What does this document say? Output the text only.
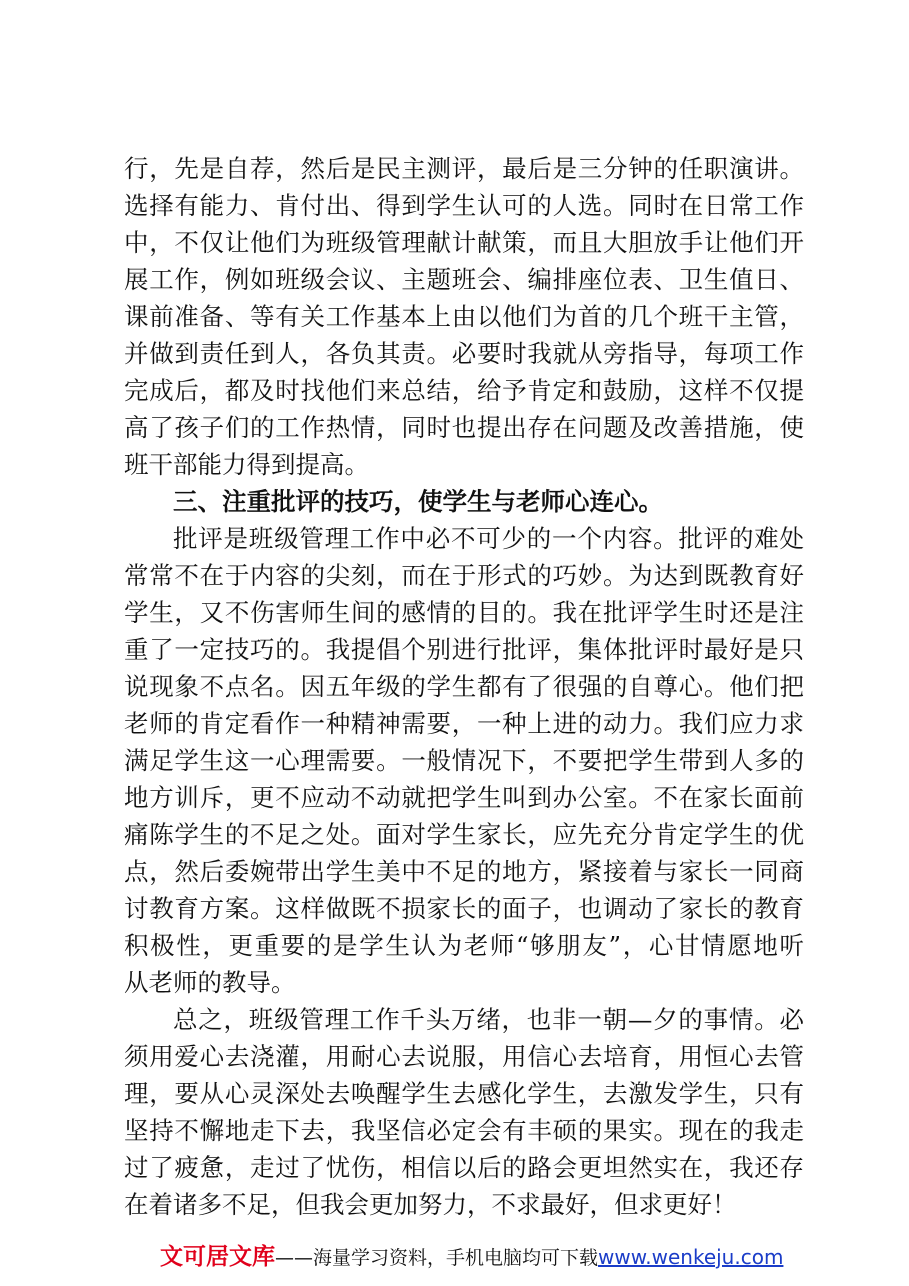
行，先是自荐，然后是民主测评，最后是三分钟的任职演讲。
选择有能力、肯付出、得到学生认可的人选。同时在日常工作
中，不仅让他们为班级管理献计献策，而且大胆放手让他们开
展工作，例如班级会议、主题班会、编排座位表、卫生值日、
课前准备、等有关工作基本上由以他们为首的几个班干主管，
并做到责任到人，各负其责。必要时我就从旁指导，每项工作
完成后，都及时找他们来总结，给予肯定和鼓励，这样不仅提
高了孩子们的工作热情，同时也提出存在问题及改善措施，使
班干部能力得到提高。
三、注重批评的技巧，使学生与老师心连心。
批评是班级管理工作中必不可少的一个内容。批评的难处
常常不在于内容的尖刻，而在于形式的巧妙。为达到既教育好
学生，又不伤害师生间的感情的目的。我在批评学生时还是注
重了一定技巧的。我提倡个别进行批评，集体批评时最好是只
说现象不点名。因五年级的学生都有了很强的自尊心。他们把
老师的肯定看作一种精神需要，一种上进的动力。我们应力求
满足学生这一心理需要。一般情况下，不要把学生带到人多的
地方训斥，更不应动不动就把学生叫到办公室。不在家长面前
痛陈学生的不足之处。面对学生家长，应先充分肯定学生的优
点，然后委婉带出学生美中不足的地方，紧接着与家长一同商
讨教育方案。这样做既不损家长的面子，也调动了家长的教育
积极性，更重要的是学生认为老师“够朋友”，心甘情愿地听
从老师的教导。
总之，班级管理工作千头万绪，也非一朝—夕的事情。必
须用爱心去浇灌，用耐心去说服，用信心去培育，用恒心去管
理，要从心灵深处去唤醒学生去感化学生，去激发学生，只有
坚持不懈地走下去，我坚信必定会有丰硕的果实。现在的我走
过了疲惫，走过了忧伤，相信以后的路会更坦然实在，我还存
在着诸多不足，但我会更加努力，不求最好，但求更好！
文可居文库——海量学习资料，手机电脑均可下载www.wenkeju.com
